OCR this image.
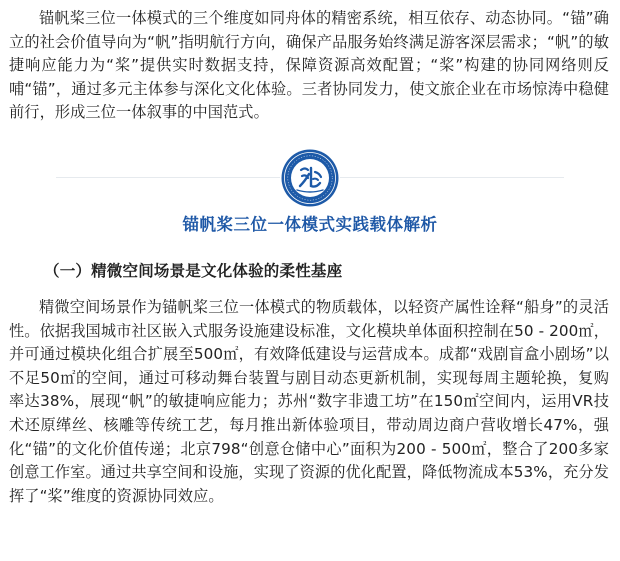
锚帆桨三位一体模式的三个维度如同舟体的精密系统，相互依存、动态协同。“锚”确立的社会价值导向为“帆”指明航行方向，确保产品服务始终满足游客深层需求；“帆”的敏捷响应能力为“桨”提供实时数据支持，保障资源高效配置；“桨”构建的协同网络则反哺“锚”，通过多元主体参与深化文化体验。三者协同发力，使文旅企业在市场惊涛中稳健前行，形成三位一体叙事的中国范式。

锚帆桨三位一体模式实践载体解析
（一）精微空间场景是文化体验的柔性基座

精微空间场景作为锚帆桨三位一体模式的物质载体，以轻资产属性诠释“船身”的灵活性。依据我国城市社区嵌入式服务设施建设标准，文化模块单体面积控制在50 - 200㎡，并可通过模块化组合扩展至500㎡，有效降低建设与运营成本。成都“戏剧盲盒小剧场”以不足50㎡的空间，通过可移动舞台装置与剧目动态更新机制，实现每周主题轮换，复购率达38%，展现“帆”的敏捷响应能力；苏州“数字非遗工坊”在150㎡空间内，运用VR技术还原缂丝、核雕等传统工艺，每月推出新体验项目，带动周边商户营收增长47%，强化“锚”的文化价值传递；北京798“创意仓储中心”面积为200 - 500㎡，整合了200多家创意工作室。通过共享空间和设施，实现了资源的优化配置，降低物流成本53%，充分发挥了“桨”维度的资源协同效应。
